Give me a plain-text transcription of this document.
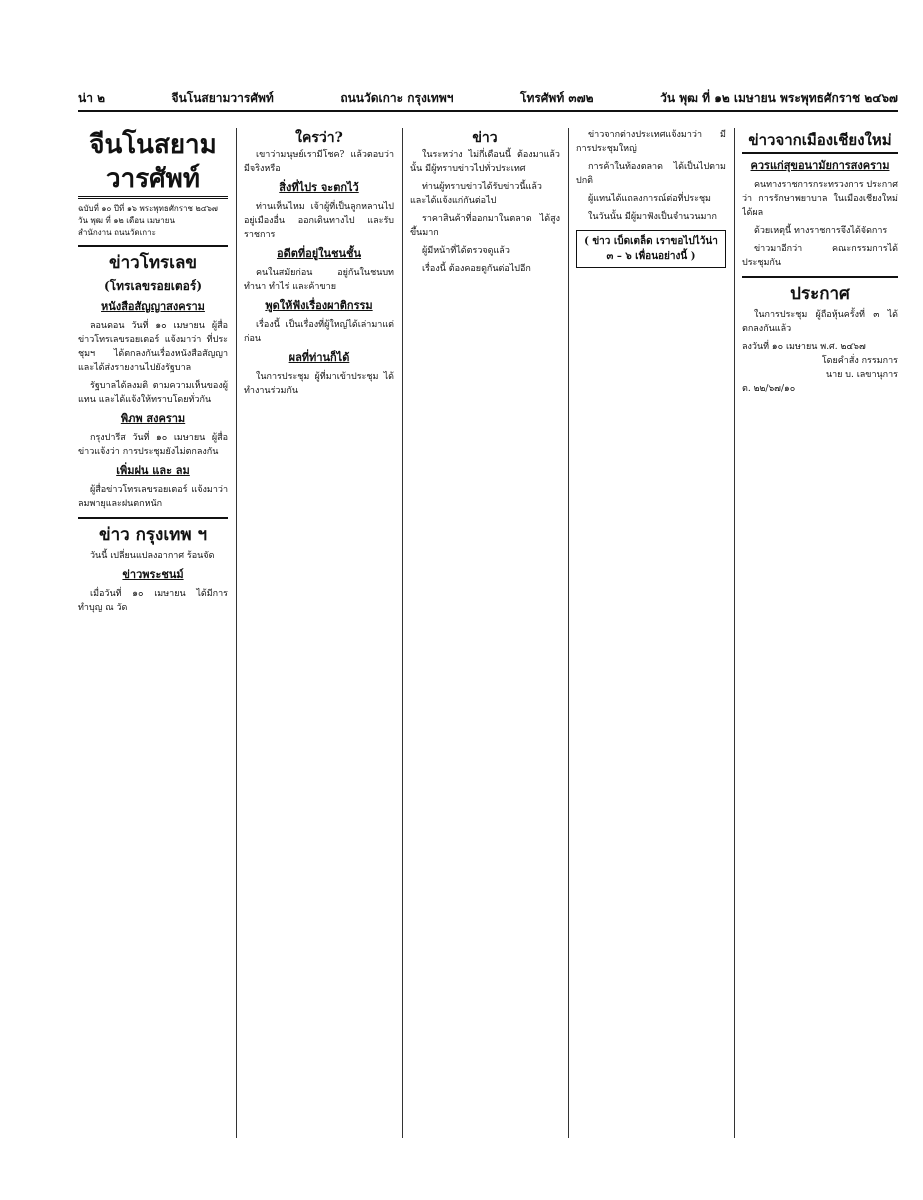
น่า ๒	จีนโนสยามวารศัพท์	ถนนวัดเกาะ กรุงเทพฯ	โทรศัพท์ ๓๗๒	วัน พุฒ ที่ ๑๒ เมษายน พระพุทธศักราช ๒๔๖๗
จีนโนสยามวารศัพท์
ฉบับที่ ๑๐ ปีที่ ๑๖ พระพุทธศักราช ๒๔๖๗
วัน พุฒ ที่ ๑๒ เดือน เมษายน
สำนักงาน ถนนวัดเกาะ
ข่าวโทรเลข
(โทรเลขรอยเตอร์)
หนังสือสัญญาสงคราม

ลอนดอน วันที่ ๑๐ เมษายน ผู้สื่อข่าวโทรเลขรอยเตอร์ แจ้งมาว่า ที่ประชุมฯ ได้ตกลงกันเรื่องหนังสือสัญญา และได้ส่งรายงานไปยังรัฐบาล

รัฐบาลได้ลงมติ ตามความเห็นของผู้แทน และได้แจ้งให้ทราบโดยทั่วกัน

พิภพ สงคราม

กรุงปารีส วันที่ ๑๐ เมษายน ผู้สื่อข่าวแจ้งว่า การประชุมยังไม่ตกลงกัน

เพิ่มฝน และ ลม

ผู้สื่อข่าวโทรเลขรอยเตอร์ แจ้งมาว่า ลมพายุและฝนตกหนัก

ข่าว กรุงเทพ ฯ

วันนี้ เปลี่ยนแปลงอากาศ ร้อนจัด

ข่าวพระชนม์

เมื่อวันที่ ๑๐ เมษายน ได้มีการทำบุญ ณ วัด

ใครว่า?

เขาว่ามนุษย์เรามีโชค? แล้วตอบว่า มีจริงหรือ

สิ่งที่ไปร จะตกไว้

ท่านเห็นไหม เจ้าผู้ที่เป็นลูกหลานไปอยู่เมืองอื่น ออกเดินทางไป และรับราชการ

อดีตที่อยู่ในชนชั้น

คนในสมัยก่อน อยู่กันในชนบท ทำนา ทำไร่ และค้าขาย

พูดให้ฟังเรื่องผาติกรรม

เรื่องนี้ เป็นเรื่องที่ผู้ใหญ่ได้เล่ามาแต่ก่อน

ผลที่ท่านก็ได้

ในการประชุม ผู้ที่มาเข้าประชุม ได้ทำงานร่วมกัน

ข่าว

ในระหว่าง ไม่กี่เดือนนี้ ต้องมาแล้วนั้น มีผู้ทราบข่าวไปทั่วประเทศ

ท่านผู้ทราบข่าวได้รับข่าวนี้แล้ว และได้แจ้งแก่กันต่อไป

ราคาสินค้าที่ออกมาในตลาด ได้สูงขึ้นมาก

ผู้มีหน้าที่ได้ตรวจดูแล้ว

เรื่องนี้ ต้องคอยดูกันต่อไปอีก

ข่าวจากต่างประเทศแจ้งมาว่า มีการประชุมใหญ่

การค้าในท้องตลาด ได้เป็นไปตามปกติ

ผู้แทนได้แถลงการณ์ต่อที่ประชุม

ในวันนั้น มีผู้มาฟังเป็นจำนวนมาก

( ข่าว เบ็ดเตล็ด เราขอไปไว้น่า ๓ – ๖ เพื่อนอย่างนี้ )
ข่าวจากเมืองเชียงใหม่
ควรแก่สุขอนามัยการสงคราม

คนทางราชการกระทรวงการ ประกาศว่า การรักษาพยาบาล ในเมืองเชียงใหม่ ได้ผล

ด้วยเหตุนี้ ทางราชการจึงได้จัดการ

ข่าวมาอีกว่า คณะกรรมการได้ประชุมกัน

ประกาศ

ในการประชุม ผู้ถือหุ้นครั้งที่ ๓ ได้ตกลงกันแล้ว

ลงวันที่ ๑๐ เมษายน พ.ศ. ๒๔๖๗
โดยคำสั่ง กรรมการ
นาย บ. เลขานุการ
ต. ๒๒/๖๗/๑๐
